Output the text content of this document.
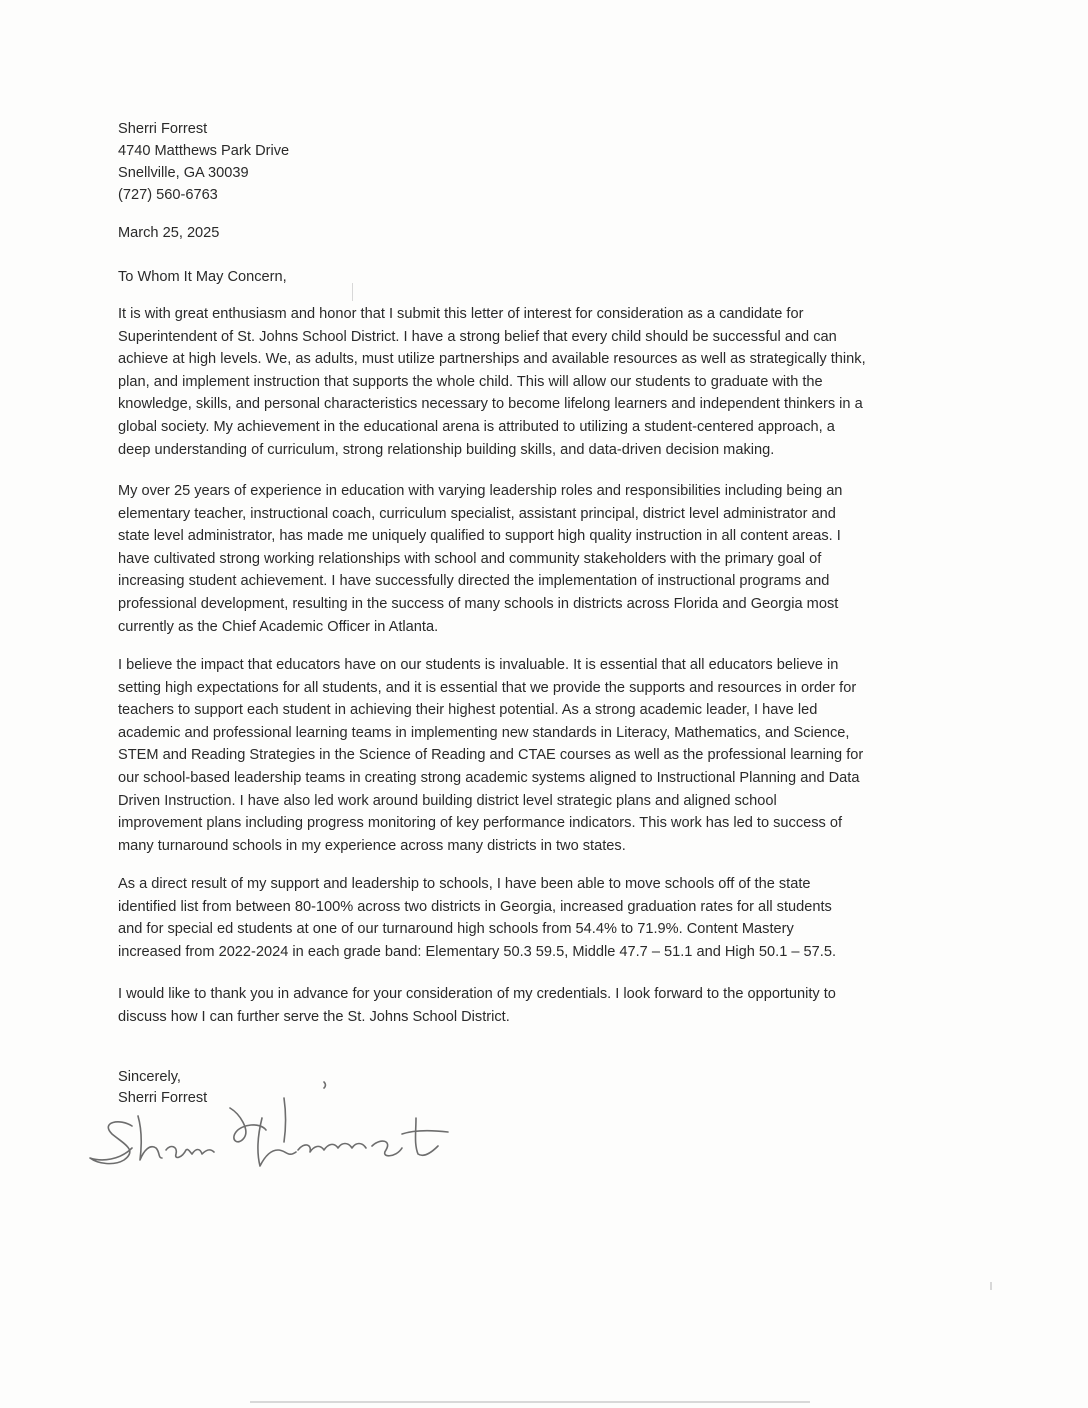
Sherri Forrest
4740 Matthews Park Drive
Snellville, GA 30039
(727) 560-6763
March 25, 2025
To Whom It May Concern,
It is with great enthusiasm and honor that I submit this letter of interest for consideration as a candidate for
Superintendent of St. Johns School District. I have a strong belief that every child should be successful and can
achieve at high levels. We, as adults, must utilize partnerships and available resources as well as strategically think,
plan, and implement instruction that supports the whole child. This will allow our students to graduate with the
knowledge, skills, and personal characteristics necessary to become lifelong learners and independent thinkers in a
global society. My achievement in the educational arena is attributed to utilizing a student-centered approach, a
deep understanding of curriculum, strong relationship building skills, and data-driven decision making.
My over 25 years of experience in education with varying leadership roles and responsibilities including being an
elementary teacher, instructional coach, curriculum specialist, assistant principal, district level administrator and
state level administrator, has made me uniquely qualified to support high quality instruction in all content areas. I
have cultivated strong working relationships with school and community stakeholders with the primary goal of
increasing student achievement. I have successfully directed the implementation of instructional programs and
professional development, resulting in the success of many schools in districts across Florida and Georgia most
currently as the Chief Academic Officer in Atlanta.
I believe the impact that educators have on our students is invaluable. It is essential that all educators believe in
setting high expectations for all students, and it is essential that we provide the supports and resources in order for
teachers to support each student in achieving their highest potential. As a strong academic leader, I have led
academic and professional learning teams in implementing new standards in Literacy, Mathematics, and Science,
STEM and Reading Strategies in the Science of Reading and CTAE courses as well as the professional learning for
our school-based leadership teams in creating strong academic systems aligned to Instructional Planning and Data
Driven Instruction. I have also led work around building district level strategic plans and aligned school
improvement plans including progress monitoring of key performance indicators. This work has led to success of
many turnaround schools in my experience across many districts in two states.
As a direct result of my support and leadership to schools, I have been able to move schools off of the state
identified list from between 80-100% across two districts in Georgia, increased graduation rates for all students
and for special ed students at one of our turnaround high schools from 54.4% to 71.9%. Content Mastery
increased from 2022-2024 in each grade band: Elementary 50.3 59.5, Middle 47.7 – 51.1 and High 50.1 – 57.5.
I would like to thank you in advance for your consideration of my credentials. I look forward to the opportunity to
discuss how I can further serve the St. Johns School District.
Sincerely,
Sherri Forrest
